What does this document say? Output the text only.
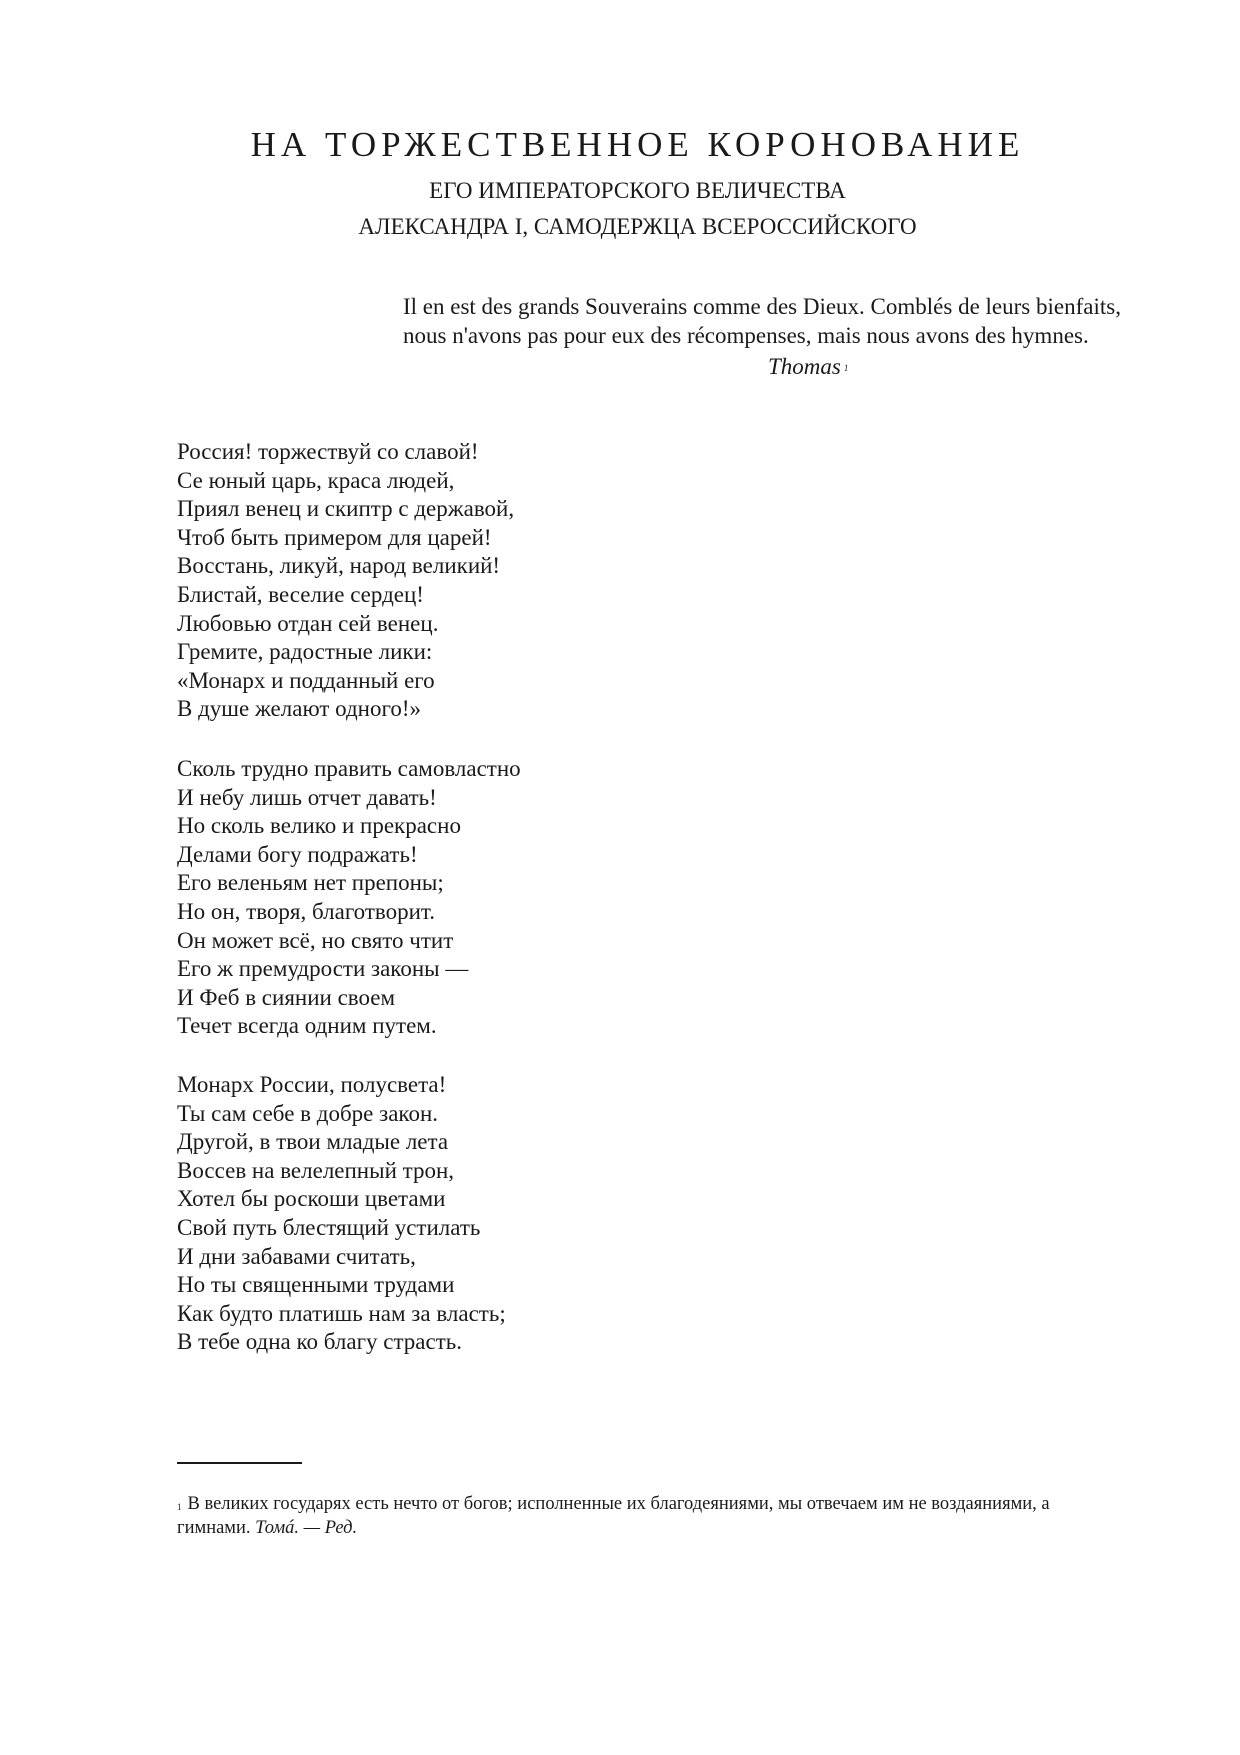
НА ТОРЖЕСТВЕННОЕ КОРОНОВАНИЕ
ЕГО ИМПЕРАТОРСКОГО ВЕЛИЧЕСТВА
АЛЕКСАНДРА I, САМОДЕРЖЦА ВСЕРОССИЙСКОГО
Il en est des grands Souverains comme des Dieux. Comblés de leurs bienfaits,
nous n'avons pas pour eux des récompenses, mais nous avons des hymnes.
Thomas $^1$
Россия! торжествуй со славой!
Се юный царь, краса людей,
Приял венец и скиптр с державой,
Чтоб быть примером для царей!
Восстань, ликуй, народ великий!
Блистай, веселие сердец!
Любовью отдан сей венец.
Гремите, радостные лики:
«Монарх и подданный его
В душе желают одного!»
Сколь трудно править самовластно
И небу лишь отчет давать!
Но сколь велико и прекрасно
Делами богу подражать!
Его веленьям нет препоны;
Но он, творя, благотворит.
Он может всё, но свято чтит
Его ж премудрости законы —
И Феб в сиянии своем
Течет всегда одним путем.
Монарх России, полусвета!
Ты сам себе в добре закон.
Другой, в твои младые лета
Воссев на велелепный трон,
Хотел бы роскоши цветами
Свой путь блестящий устилать
И дни забавами считать,
Но ты священными трудами
Как будто платишь нам за власть;
В тебе одна ко благу страсть.
$^1$ В великих государях есть нечто от богов; исполненные их благодеяниями, мы отвечаем им не воздаяниями, а
гимнами. Томá. — Ред.
